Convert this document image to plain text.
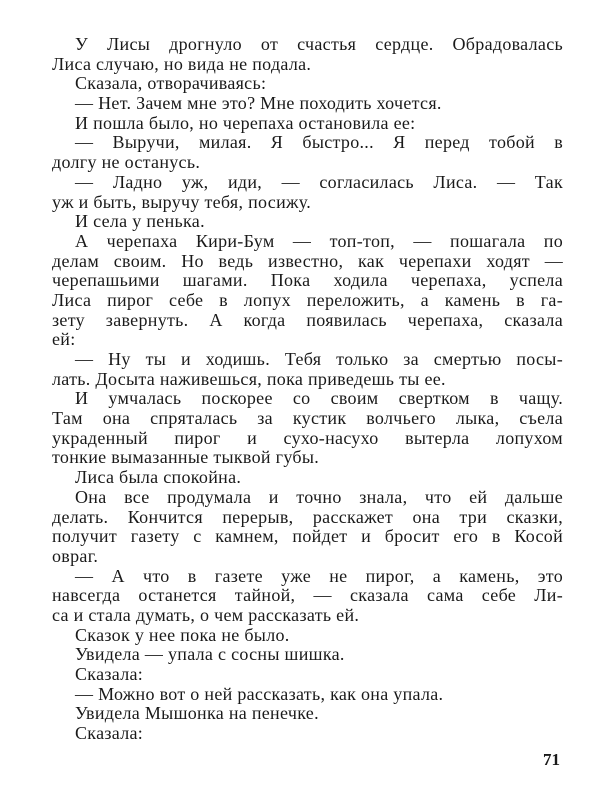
У Лисы дрогнуло от счастья сердце. Обрадовалась
Лиса случаю, но вида не подала.
Сказала, отворачиваясь:
— Нет. Зачем мне это? Мне походить хочется.
И пошла было, но черепаха остановила ее:
— Выручи, милая. Я быстро... Я перед тобой в
долгу не останусь.
— Ладно уж, иди, — согласилась Лиса. — Так
уж и быть, выручу тебя, посижу.
И села у пенька.
А черепаха Кири-Бум — топ-топ, — пошагала по
делам своим. Но ведь известно, как черепахи ходят —
черепашьими шагами. Пока ходила черепаха, успела
Лиса пирог себе в лопух переложить, а камень в га-
зету завернуть. А когда появилась черепаха, сказала
ей:
— Ну ты и ходишь. Тебя только за смертью посы-
лать. Досыта наживешься, пока приведешь ты ее.
И умчалась поскорее со своим свертком в чащу.
Там она спряталась за кустик волчьего лыка, съела
украденный пирог и сухо-насухо вытерла лопухом
тонкие вымазанные тыквой губы.
Лиса была спокойна.
Она все продумала и точно знала, что ей дальше
делать. Кончится перерыв, расскажет она три сказки,
получит газету с камнем, пойдет и бросит его в Косой
овраг.
— А что в газете уже не пирог, а камень, это
навсегда останется тайной, — сказала сама себе Ли-
са и стала думать, о чем рассказать ей.
Сказок у нее пока не было.
Увидела — упала с сосны шишка.
Сказала:
— Можно вот о ней рассказать, как она упала.
Увидела Мышонка на пенечке.
Сказала:
71
